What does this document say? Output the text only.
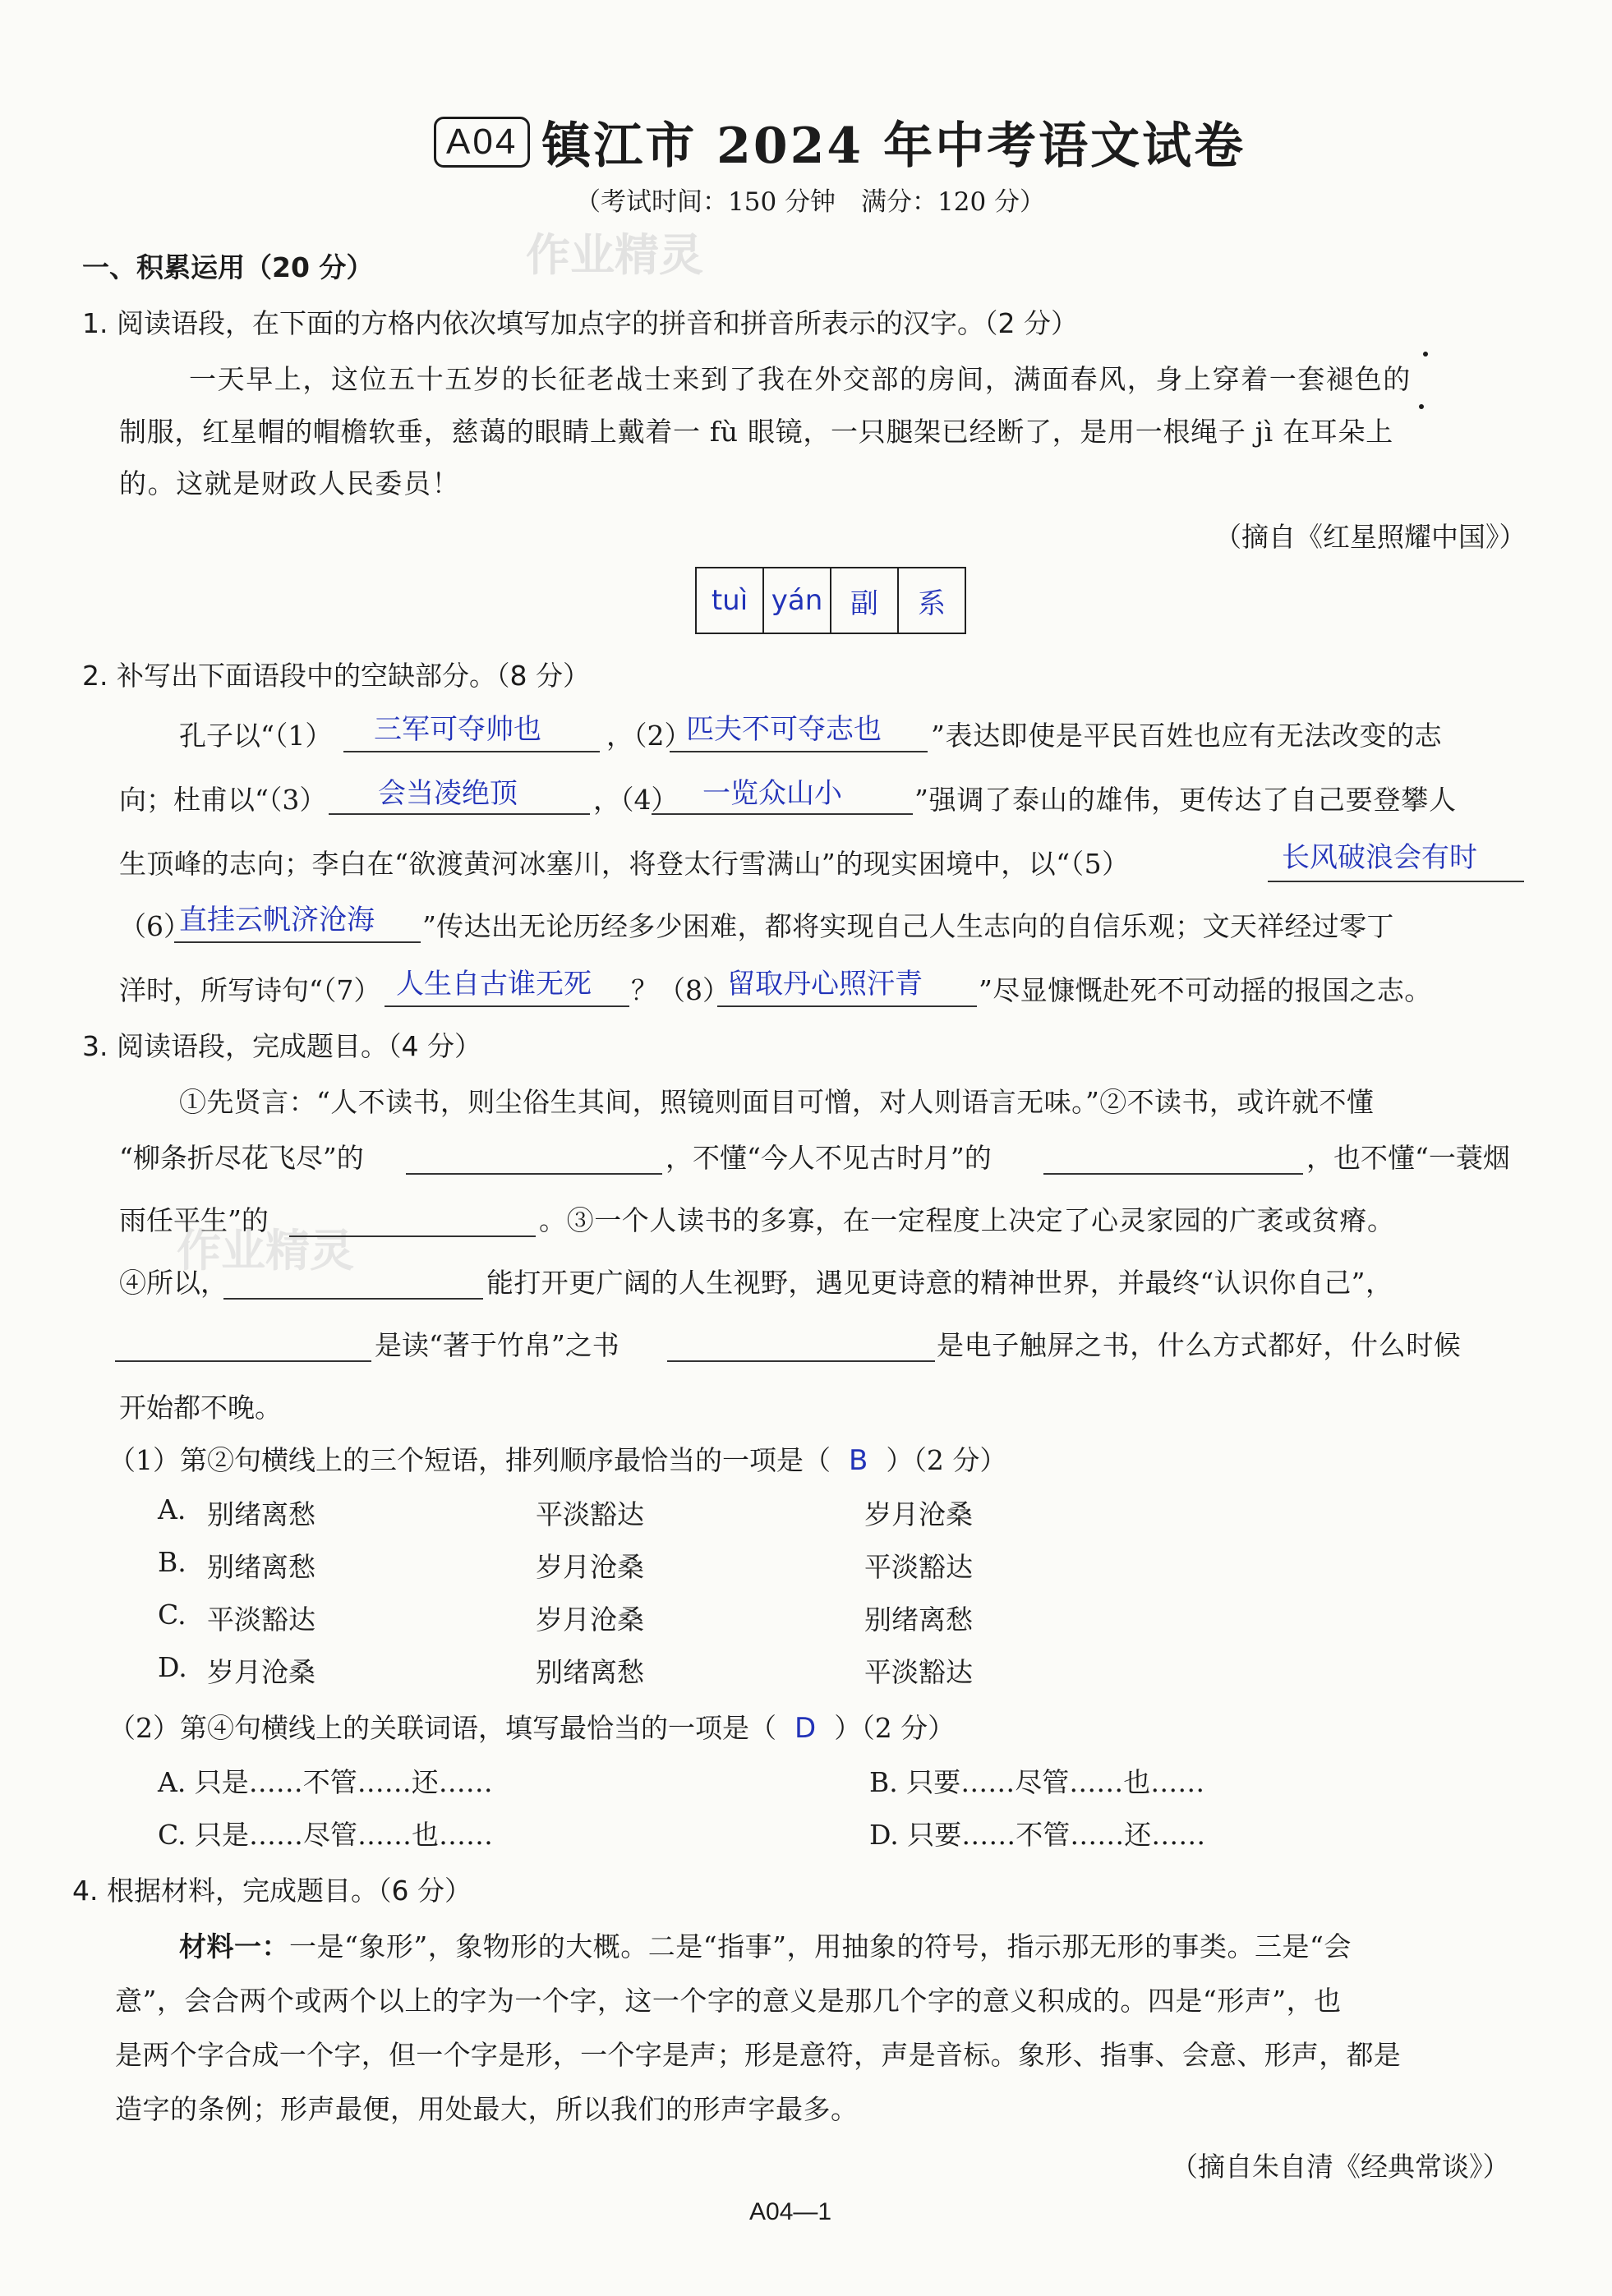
A04 镇江市 2024 年中考语文试卷
（考试时间：150 分钟　满分：120 分）
作业精灵
作业精灵
一、积累运用（20 分）
1. 阅读语段，在下面的方格内依次填写加点字的拼音和拼音所表示的汉字。（2 分）
一天早上，这位五十五岁的长征老战士来到了我在外交部的房间，满面春风，身上穿着一套褪色的
制服，红星帽的帽檐软垂，慈蔼的眼睛上戴着一 fù 眼镜，一只腿架已经断了，是用一根绳子 jì 在耳朵上
的。这就是财政人民委员！
（摘自《红星照耀中国》）
tuì	yán	副	系
2. 补写出下面语段中的空缺部分。（8 分）
孔子以“（1） 三军可夺帅也 ，（2）
匹夫不可夺志也 ”表达即使是平民百姓也应有无法改变的志
向；杜甫以“（3） 会当凌绝顶	，（4） 一览众山小	”强调了泰山的雄伟，更传达了自己要登攀人
生顶峰的志向；李白在“欲渡黄河冰塞川，将登太行雪满山”的现实困境中，以“（5）	长风破浪会有时
（6）
直挂云帆济沧海 ”传达出无论历经多少困难，都将实现自己人生志向的自信乐观；文天祥经过零丁
洋时，所写诗句“（7） 人生自古谁无死 ？（8）
留取丹心照汗青 ”尽显慷慨赴死不可动摇的报国之志。
3. 阅读语段，完成题目。（4 分）
①先贤言：“人不读书，则尘俗生其间，照镜则面目可憎，对人则语言无味。”②不读书，或许就不懂
“柳条折尽花飞尽”的	，不懂“今人不见古时月”的	，也不懂“一蓑烟
雨任平生”的	。③一个人读书的多寡，在一定程度上决定了心灵家园的广袤或贫瘠。
④所以，	能打开更广阔的人生视野，遇见更诗意的精神世界，并最终“认识你自己”，
是读“著于竹帛”之书	是电子触屏之书，什么方式都好，什么时候
开始都不晚。
（1）第②句横线上的三个短语，排列顺序最恰当的一项是（ B ）（2 分）
A. 别绪离愁	平淡豁达	岁月沧桑
B. 别绪离愁	岁月沧桑	平淡豁达
C. 平淡豁达	岁月沧桑	别绪离愁
D. 岁月沧桑	别绪离愁	平淡豁达
（2）第④句横线上的关联词语，填写最恰当的一项是（ D ）（2 分）
A. 只是……不管……还……	B. 只要……尽管……也……
C. 只是……尽管……也……	D. 只要……不管……还……
4. 根据材料，完成题目。（6 分）
材料一：一是“象形”，象物形的大概。二是“指事”，用抽象的符号，指示那无形的事类。三是“会
意”，会合两个或两个以上的字为一个字，这一个字的意义是那几个字的意义积成的。四是“形声”，也
是两个字合成一个字，但一个字是形，一个字是声；形是意符，声是音标。象形、指事、会意、形声，都是
造字的条例；形声最便，用处最大，所以我们的形声字最多。
（摘自朱自清《经典常谈》）
A04—1
